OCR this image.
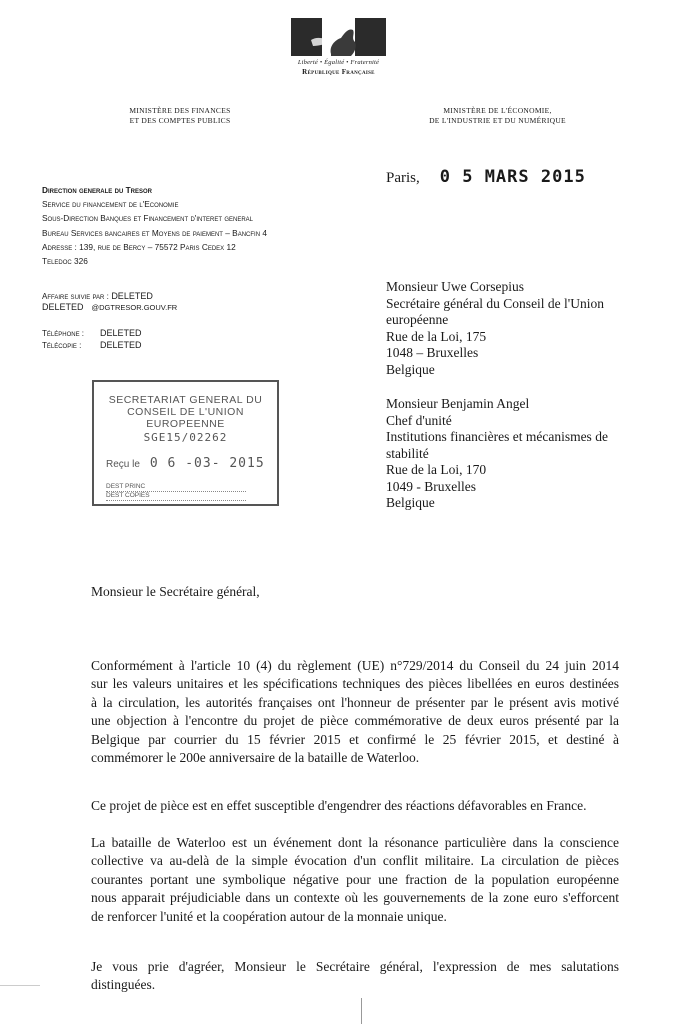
Liberté • Égalité • Fraternité
République Française
MINISTÈRE DES FINANCES
ET DES COMPTES PUBLICS
MINISTÈRE DE L'ÉCONOMIE,
DE L'INDUSTRIE ET DU NUMÉRIQUE
Paris, 0 5 MARS 2015
Direction generale du Tresor
Service du financement de l'Economie
Sous-Direction Banques et Financement d'interet general
Bureau Services bancaires et Moyens de paiement – Bancfin 4
Adresse : 139, rue de Bercy – 75572 Paris Cedex 12
Teledoc 326
Affaire suivie par : DELETED
DELETED @DGTRESOR.GOUV.FR
Téléphone : DELETED
Télécopie : DELETED
SECRETARIAT GENERAL DU
CONSEIL DE L'UNION EUROPEENNE
SGE15/02262
Reçu le 0 6 -03- 2015
DEST PRINC
DEST COPIES
Monsieur Uwe Corsepius
Secrétaire général du Conseil de l'Union
européenne
Rue de la Loi, 175
1048 – Bruxelles
Belgique
Monsieur Benjamin Angel
Chef d'unité
Institutions financières et mécanismes de
stabilité
Rue de la Loi, 170
1049 - Bruxelles
Belgique
Monsieur le Secrétaire général,
Conformément à l'article 10 (4) du règlement (UE) n°729/2014 du Conseil du 24 juin 2014
sur les valeurs unitaires et les spécifications techniques des pièces libellées en euros destinées
à la circulation, les autorités françaises ont l'honneur de présenter par le présent avis motivé
une objection à l'encontre du projet de pièce commémorative de deux euros présenté par la
Belgique par courrier du 15 février 2015 et confirmé le 25 février 2015, et destiné à
commémorer le 200e anniversaire de la bataille de Waterloo.
Ce projet de pièce est en effet susceptible d'engendrer des réactions défavorables en France.
La bataille de Waterloo est un événement dont la résonance particulière dans la conscience
collective va au-delà de la simple évocation d'un conflit militaire. La circulation de pièces
courantes portant une symbolique négative pour une fraction de la population européenne
nous apparait préjudiciable dans un contexte où les gouvernements de la zone euro s'efforcent
de renforcer l'unité et la coopération autour de la monnaie unique.
Je vous prie d'agréer, Monsieur le Secrétaire général, l'expression de mes salutations
distinguées.
